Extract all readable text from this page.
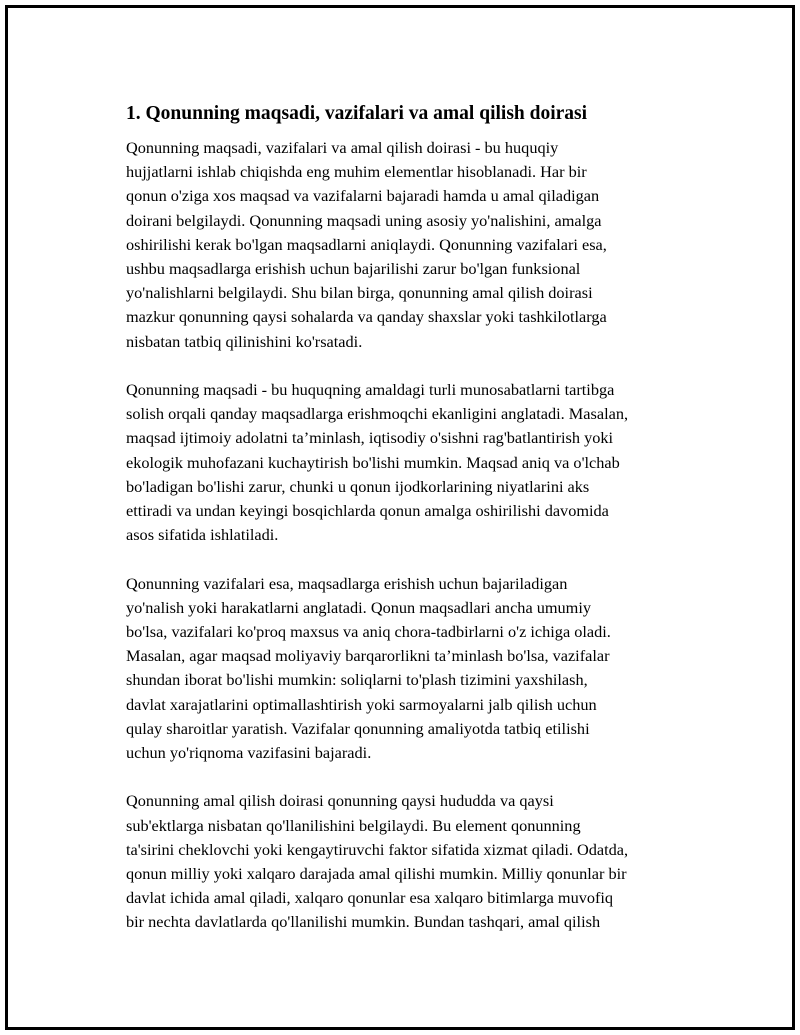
1. Qonunning maqsadi, vazifalari va amal qilish doirasi
Qonunning maqsadi, vazifalari va amal qilish doirasi - bu huquqiy
hujjatlarni ishlab chiqishda eng muhim elementlar hisoblanadi. Har bir
qonun o'ziga xos maqsad va vazifalarni bajaradi hamda u amal qiladigan
doirani belgilaydi. Qonunning maqsadi uning asosiy yo'nalishini, amalga
oshirilishi kerak bo'lgan maqsadlarni aniqlaydi. Qonunning vazifalari esa,
ushbu maqsadlarga erishish uchun bajarilishi zarur bo'lgan funksional
yo'nalishlarni belgilaydi. Shu bilan birga, qonunning amal qilish doirasi
mazkur qonunning qaysi sohalarda va qanday shaxslar yoki tashkilotlarga
nisbatan tatbiq qilinishini ko'rsatadi.
Qonunning maqsadi - bu huquqning amaldagi turli munosabatlarni tartibga
solish orqali qanday maqsadlarga erishmoqchi ekanligini anglatadi. Masalan,
maqsad ijtimoiy adolatni ta’minlash, iqtisodiy o'sishni rag'batlantirish yoki
ekologik muhofazani kuchaytirish bo'lishi mumkin. Maqsad aniq va o'lchab
bo'ladigan bo'lishi zarur, chunki u qonun ijodkorlarining niyatlarini aks
ettiradi va undan keyingi bosqichlarda qonun amalga oshirilishi davomida
asos sifatida ishlatiladi.
Qonunning vazifalari esa, maqsadlarga erishish uchun bajariladigan
yo'nalish yoki harakatlarni anglatadi. Qonun maqsadlari ancha umumiy
bo'lsa, vazifalari ko'proq maxsus va aniq chora-tadbirlarni o'z ichiga oladi.
Masalan, agar maqsad moliyaviy barqarorlikni ta’minlash bo'lsa, vazifalar
shundan iborat bo'lishi mumkin: soliqlarni to'plash tizimini yaxshilash,
davlat xarajatlarini optimallashtirish yoki sarmoyalarni jalb qilish uchun
qulay sharoitlar yaratish. Vazifalar qonunning amaliyotda tatbiq etilishi
uchun yo'riqnoma vazifasini bajaradi.
Qonunning amal qilish doirasi qonunning qaysi hududda va qaysi
sub'ektlarga nisbatan qo'llanilishini belgilaydi. Bu element qonunning
ta'sirini cheklovchi yoki kengaytiruvchi faktor sifatida xizmat qiladi. Odatda,
qonun milliy yoki xalqaro darajada amal qilishi mumkin. Milliy qonunlar bir
davlat ichida amal qiladi, xalqaro qonunlar esa xalqaro bitimlarga muvofiq
bir nechta davlatlarda qo'llanilishi mumkin. Bundan tashqari, amal qilish
